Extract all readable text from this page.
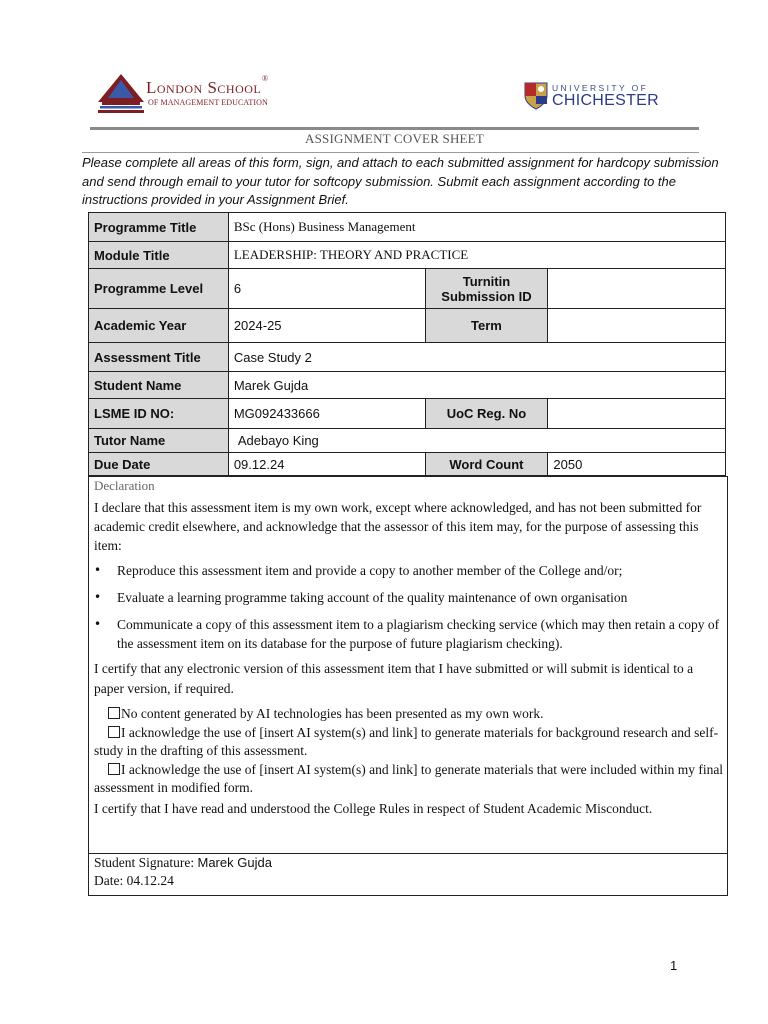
London School ®
OF MANAGEMENT EDUCATION
UNIVERSITY OF
CHICHESTER
ASSIGNMENT COVER SHEET
Please complete all areas of this form, sign, and attach to each submitted assignment for hardcopy submission and send through email to your tutor for softcopy submission. Submit each assignment according to the instructions provided in your Assignment Brief.
Programme Title	BSc (Hons) Business Management		
Module Title	LEADERSHIP: THEORY AND PRACTICE		
Programme Level	6	Turnitin Submission ID	
Academic Year	2024-25	Term	
Assessment Title	Case Study 2		
Student Name	Marek Gujda		
LSME ID NO:	MG092433666	UoC Reg. No	
Tutor Name	Adebayo King		
Due Date	09.12.24	Word Count	2050
Declaration
I declare that this assessment item is my own work, except where acknowledged, and has not been submitted for academic credit elsewhere, and acknowledge that the assessor of this item may, for the purpose of assessing this item:
• Reproduce this assessment item and provide a copy to another member of the College and/or;
• Evaluate a learning programme taking account of the quality maintenance of own organisation
• Communicate a copy of this assessment item to a plagiarism checking service (which may then retain a copy of the assessment item on its database for the purpose of future plagiarism checking).
I certify that any electronic version of this assessment item that I have submitted or will submit is identical to a paper version, if required.
No content generated by AI technologies has been presented as my own work.
I acknowledge the use of [insert AI system(s) and link] to generate materials for background research and self-study in the drafting of this assessment.
I acknowledge the use of [insert AI system(s) and link] to generate materials that were included within my final assessment in modified form.
I certify that I have read and understood the College Rules in respect of Student Academic Misconduct.
Student Signature: Marek Gujda
Date: 04.12.24
1
